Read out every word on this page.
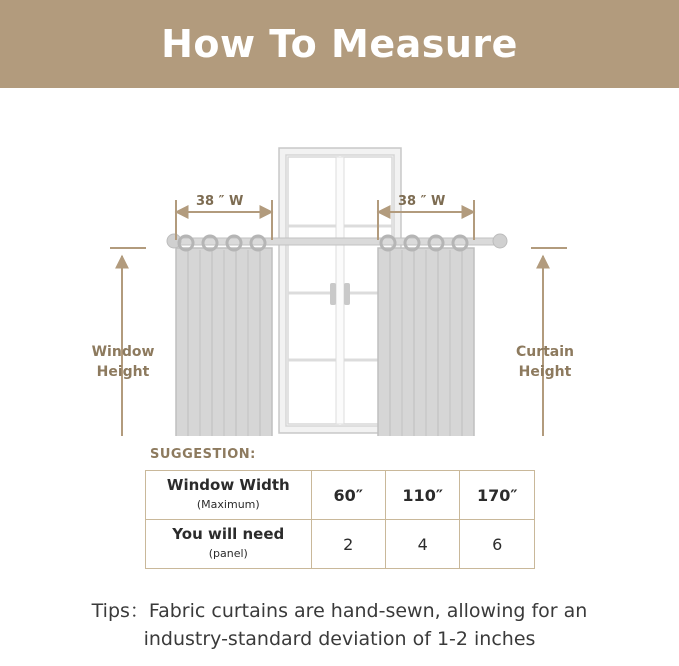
How To Measure
38 ″ W	38 ″ W
Window
Height
Curtain
Height
SUGGESTION:
Window Width
(Maximum)	60″	110″	170″
You will need
(panel)	2	4	6
Tips：Fabric curtains are hand-sewn, allowing for an
industry-standard deviation of 1-2 inches
